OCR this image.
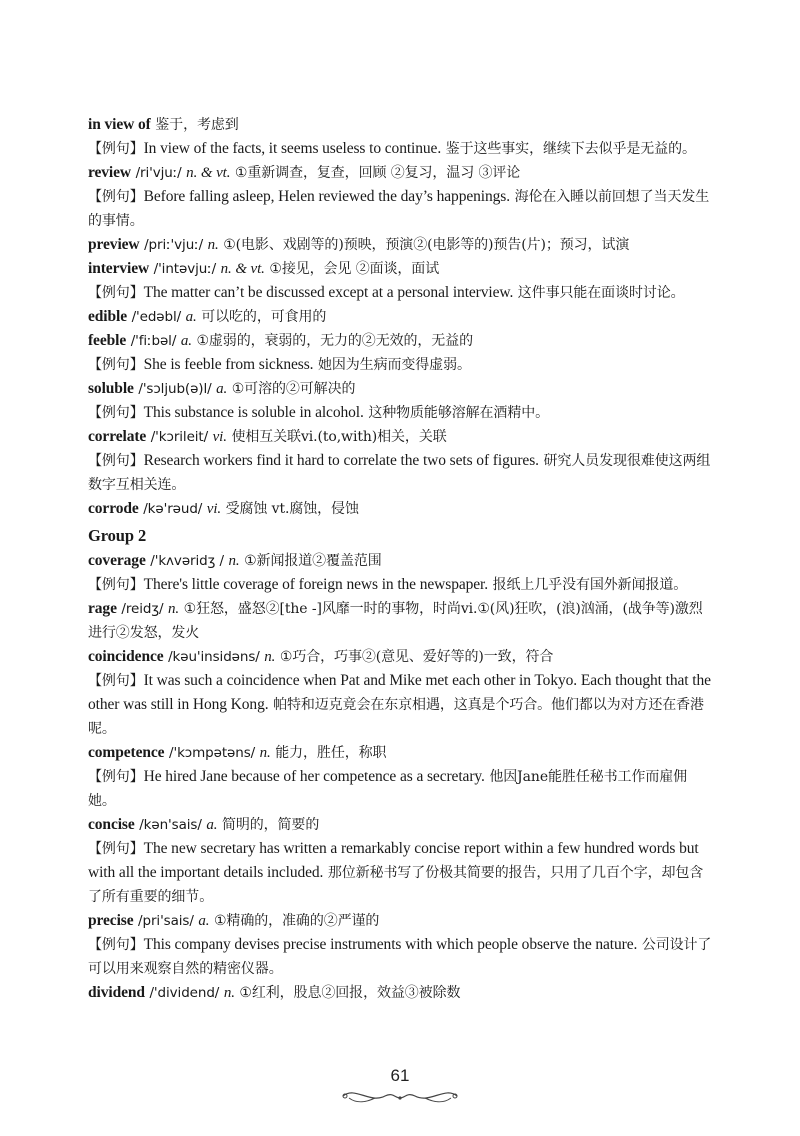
in view of 鉴于，考虑到

【例句】In view of the facts, it seems useless to continue. 鉴于这些事实，继续下去似乎是无益的。

review /ri'vjuː/ n. & vt. ①重新调查，复查，回顾 ②复习，温习 ③评论

【例句】Before falling asleep, Helen reviewed the day’s happenings. 海伦在入睡以前回想了当天发生的事情。

preview /priː'vjuː/ n. ①(电影、戏剧等的)预映，预演②(电影等的)预告(片)；预习，试演

interview /'intəvjuː/ n. & vt. ①接见，会见 ②面谈，面试

【例句】The matter can’t be discussed except at a personal interview. 这件事只能在面谈时讨论。

edible /'edəbl/ a. 可以吃的，可食用的

feeble /'fiːbəl/ a. ①虚弱的，衰弱的，无力的②无效的，无益的

【例句】She is feeble from sickness. 她因为生病而变得虚弱。

soluble /'sɔljub(ə)l/ a. ①可溶的②可解决的

【例句】This substance is soluble in alcohol. 这种物质能够溶解在酒精中。

correlate /'kɔrileit/ vi. 使相互关联vi.(to,with)相关，关联

【例句】Research workers find it hard to correlate the two sets of figures. 研究人员发现很难使这两组数字互相关连。

corrode /kə'rəud/ vi. 受腐蚀 vt.腐蚀，侵蚀

Group 2

coverage /'kʌvəridʒ / n. ①新闻报道②覆盖范围

【例句】There's little coverage of foreign news in the newspaper. 报纸上几乎没有国外新闻报道。

rage /reidʒ/ n. ①狂怒，盛怒②[the -]风靡一时的事物，时尚vi.①(风)狂吹，(浪)汹涌，(战争等)激烈进行②发怒，发火

coincidence /kəu'insidəns/ n. ①巧合，巧事②(意见、爱好等的)一致，符合

【例句】It was such a coincidence when Pat and Mike met each other in Tokyo. Each thought that the other was still in Hong Kong. 帕特和迈克竟会在东京相遇，这真是个巧合。他们都以为对方还在香港呢。

competence /'kɔmpətəns/ n. 能力，胜任，称职

【例句】He hired Jane because of her competence as a secretary. 他因Jane能胜任秘书工作而雇佣她。

concise /kən'sais/ a. 简明的，简要的

【例句】The new secretary has written a remarkably concise report within a few hundred words but with all the important details included. 那位新秘书写了份极其简要的报告，只用了几百个字，却包含了所有重要的细节。

precise /pri'sais/ a. ①精确的，准确的②严谨的

【例句】This company devises precise instruments with which people observe the nature. 公司设计了可以用来观察自然的精密仪器。

dividend /'dividend/ n. ①红利，股息②回报，效益③被除数

61
